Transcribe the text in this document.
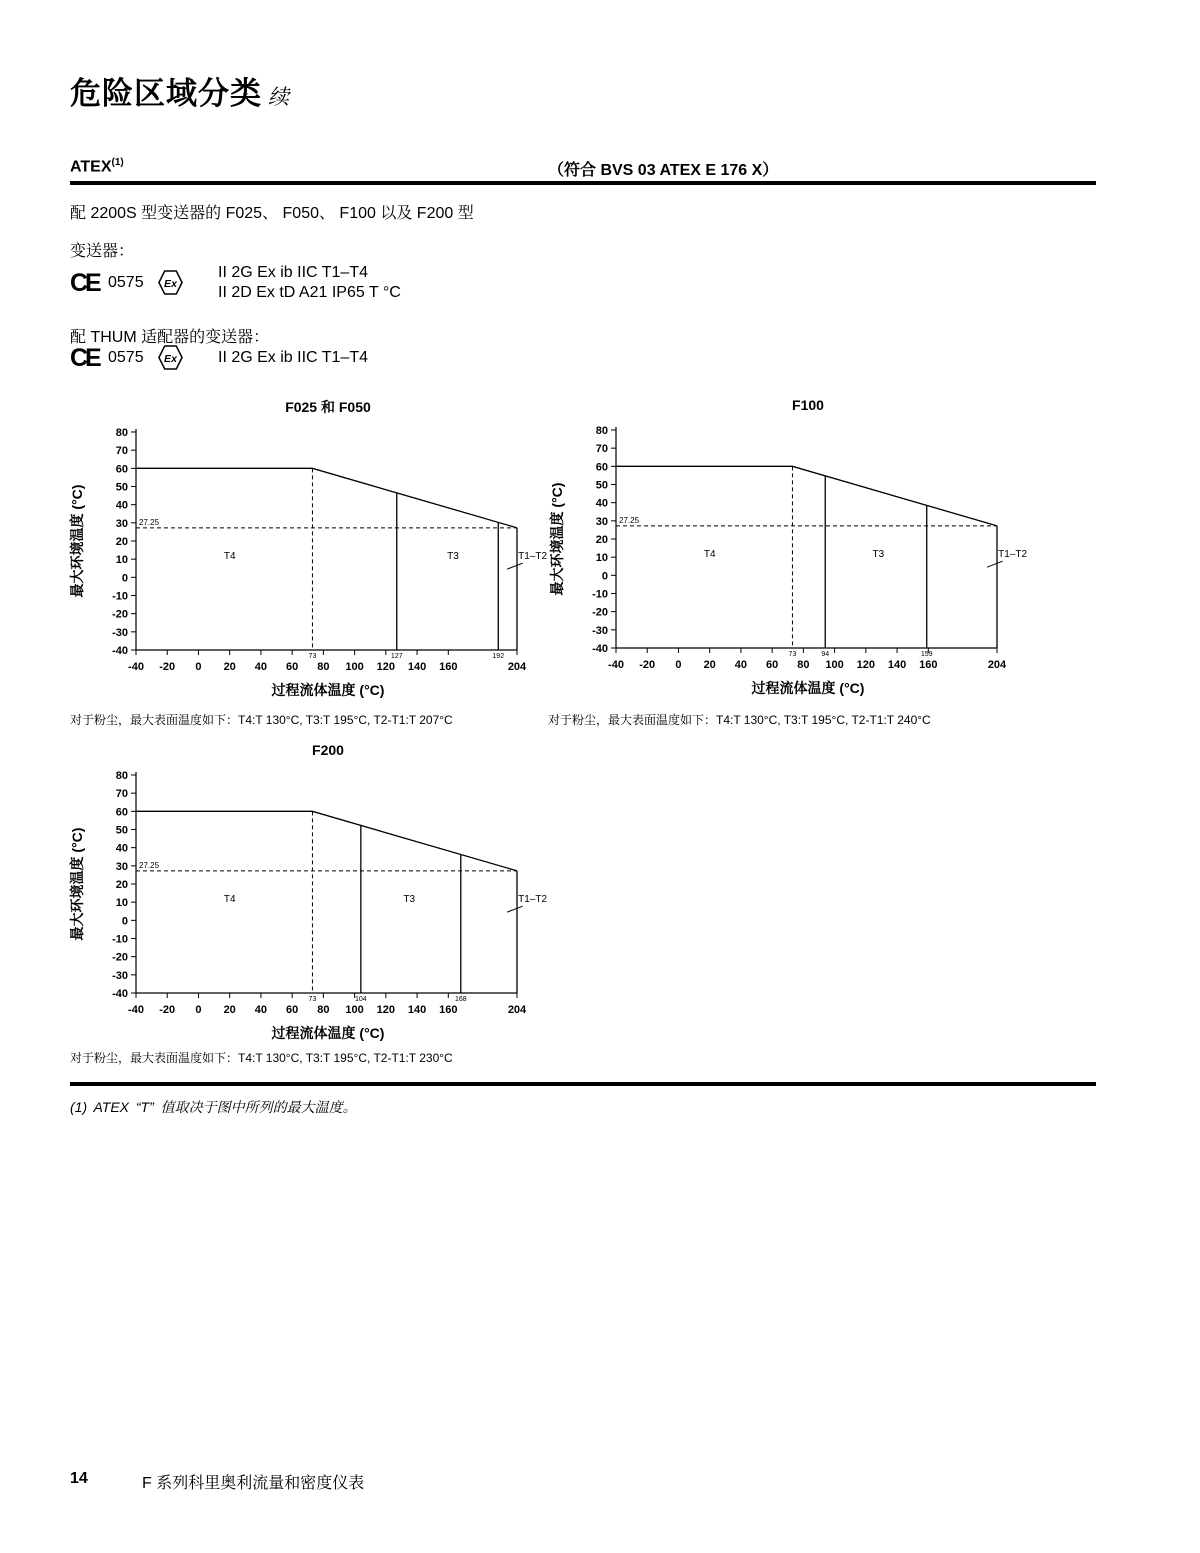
危险区域分类 续
ATEX$^{(1)}$	（符合 BVS 03 ATEX E 176 X）
配 2200S 型变送器的 F025、 F050、 F100 以及 F200 型
变送器：
CE 0575 Ex
II 2G Ex ib IIC T1–T4
II 2D Ex tD A21 IP65 T °C
配 THUM 适配器的变送器：
CE 0575 Ex	II 2G Ex ib IIC T1–T4
F025 和 F050
80
70
60
50
40
30
20
10
0
-10
-20
-30
-40
-40 -20 0 20 40 60 80 100 120 140 160	204
27.25
73	127	192
T4	T3	T1–T2
过程流体温度 (°C)
最大环境温度 (°C)
对于粉尘，最大表面温度如下：T4:T 130°C, T3:T 195°C, T2-T1:T 207°C
F100
80
70
60
50
40
30
20
10
0
-10
-20
-30
-40
-40 -20 0 20 40 60 80 100 120 140 160	204
27.25
73	94	159
T4	T3	T1–T2
过程流体温度 (°C)
最大环境温度 (°C)
对于粉尘，最大表面温度如下：T4:T 130°C, T3:T 195°C, T2-T1:T 240°C
F200
80
70
60
50
40
30
20
10
0
-10
-20
-30
-40
-40 -20 0 20 40 60 80 100 120 140 160	204
27.25
73	104	168
T4	T3	T1–T2
过程流体温度 (°C)
最大环境温度 (°C)
对于粉尘，最大表面温度如下：T4:T 130°C, T3:T 195°C, T2-T1:T 230°C
(1) ATEX “T” 值取决于图中所列的最大温度。
14	F 系列科里奥利流量和密度仪表
